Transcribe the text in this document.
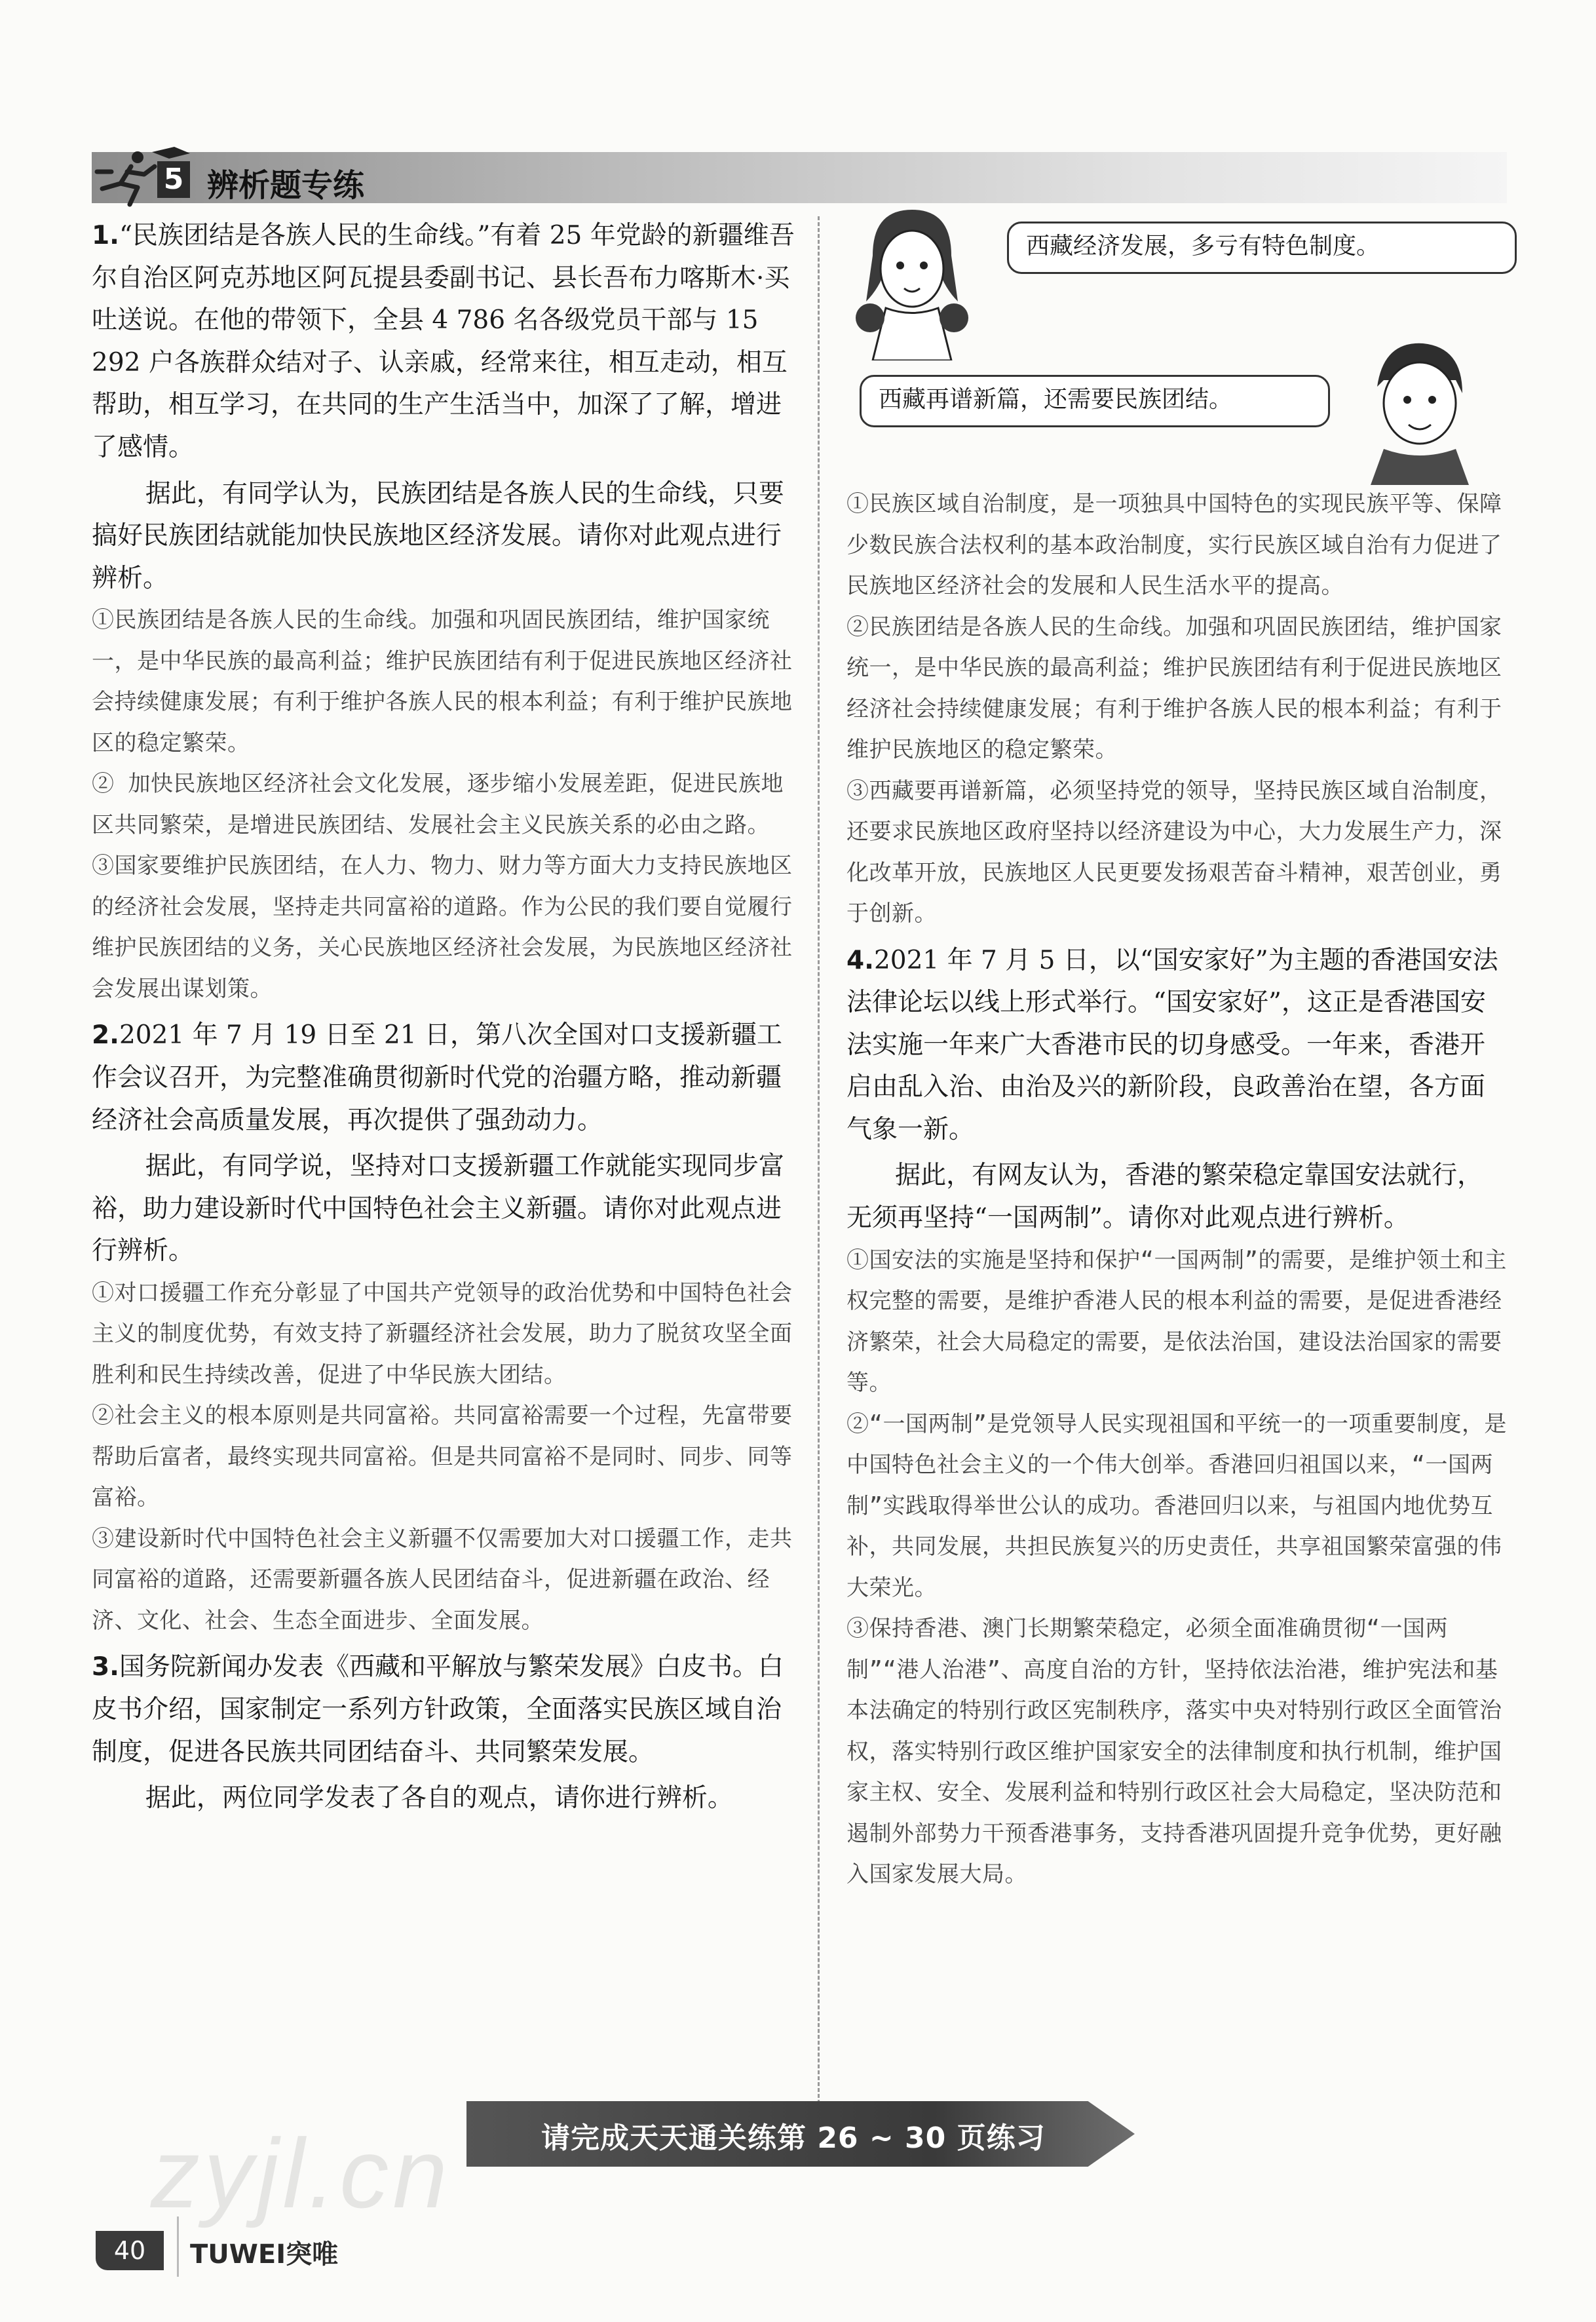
5 辨析题专练

1.“民族团结是各族人民的生命线。”有着 25 年党龄的新疆维吾尔自治区阿克苏地区阿瓦提县委副书记、县长吾布力喀斯木·买吐送说。在他的带领下，全县 4 786 名各级党员干部与 15 292 户各族群众结对子、认亲戚，经常来往，相互走动，相互帮助，相互学习，在共同的生产生活当中，加深了了解，增进了感情。

据此，有同学认为，民族团结是各族人民的生命线，只要搞好民族团结就能加快民族地区经济发展。请你对此观点进行辨析。

①民族团结是各族人民的生命线。加强和巩固民族团结，维护国家统一，是中华民族的最高利益；维护民族团结有利于促进民族地区经济社会持续健康发展；有利于维护各族人民的根本利益；有利于维护民族地区的稳定繁荣。

② 加快民族地区经济社会文化发展，逐步缩小发展差距，促进民族地区共同繁荣，是增进民族团结、发展社会主义民族关系的必由之路。

③国家要维护民族团结，在人力、物力、财力等方面大力支持民族地区的经济社会发展，坚持走共同富裕的道路。作为公民的我们要自觉履行维护民族团结的义务，关心民族地区经济社会发展，为民族地区经济社会发展出谋划策。

2.2021 年 7 月 19 日至 21 日，第八次全国对口支援新疆工作会议召开，为完整准确贯彻新时代党的治疆方略，推动新疆经济社会高质量发展，再次提供了强劲动力。

据此，有同学说，坚持对口支援新疆工作就能实现同步富裕，助力建设新时代中国特色社会主义新疆。请你对此观点进行辨析。

①对口援疆工作充分彰显了中国共产党领导的政治优势和中国特色社会主义的制度优势，有效支持了新疆经济社会发展，助力了脱贫攻坚全面胜利和民生持续改善，促进了中华民族大团结。

②社会主义的根本原则是共同富裕。共同富裕需要一个过程，先富带要帮助后富者，最终实现共同富裕。但是共同富裕不是同时、同步、同等富裕。

③建设新时代中国特色社会主义新疆不仅需要加大对口援疆工作，走共同富裕的道路，还需要新疆各族人民团结奋斗，促进新疆在政治、经济、文化、社会、生态全面进步、全面发展。

3.国务院新闻办发表《西藏和平解放与繁荣发展》白皮书。白皮书介绍，国家制定一系列方针政策，全面落实民族区域自治制度，促进各民族共同团结奋斗、共同繁荣发展。

据此，两位同学发表了各自的观点，请你进行辨析。

西藏经济发展，多亏有特色制度。
西藏再谱新篇，还需要民族团结。

①民族区域自治制度，是一项独具中国特色的实现民族平等、保障少数民族合法权利的基本政治制度，实行民族区域自治有力促进了民族地区经济社会的发展和人民生活水平的提高。

②民族团结是各族人民的生命线。加强和巩固民族团结，维护国家统一，是中华民族的最高利益；维护民族团结有利于促进民族地区经济社会持续健康发展；有利于维护各族人民的根本利益；有利于维护民族地区的稳定繁荣。

③西藏要再谱新篇，必须坚持党的领导，坚持民族区域自治制度，还要求民族地区政府坚持以经济建设为中心，大力发展生产力，深化改革开放，民族地区人民更要发扬艰苦奋斗精神，艰苦创业，勇于创新。

4.2021 年 7 月 5 日，以“国安家好”为主题的香港国安法法律论坛以线上形式举行。“国安家好”，这正是香港国安法实施一年来广大香港市民的切身感受。一年来，香港开启由乱入治、由治及兴的新阶段，良政善治在望，各方面气象一新。

据此，有网友认为，香港的繁荣稳定靠国安法就行，无须再坚持“一国两制”。请你对此观点进行辨析。

①国安法的实施是坚持和保护“一国两制”的需要，是维护领土和主权完整的需要，是维护香港人民的根本利益的需要，是促进香港经济繁荣，社会大局稳定的需要，是依法治国，建设法治国家的需要等。

②“一国两制”是党领导人民实现祖国和平统一的一项重要制度，是中国特色社会主义的一个伟大创举。香港回归祖国以来，“一国两制”实践取得举世公认的成功。香港回归以来，与祖国内地优势互补，共同发展，共担民族复兴的历史责任，共享祖国繁荣富强的伟大荣光。

③保持香港、澳门长期繁荣稳定，必须全面准确贯彻“一国两制”“港人治港”、高度自治的方针，坚持依法治港，维护宪法和基本法确定的特别行政区宪制秩序，落实中央对特别行政区全面管治权，落实特别行政区维护国家安全的法律制度和执行机制，维护国家主权、安全、发展利益和特别行政区社会大局稳定，坚决防范和遏制外部势力干预香港事务，支持香港巩固提升竞争优势，更好融入国家发展大局。

zyjl.cn	请完成天天通关练第 26 ~ 30 页练习
40	TUWEI突唯
